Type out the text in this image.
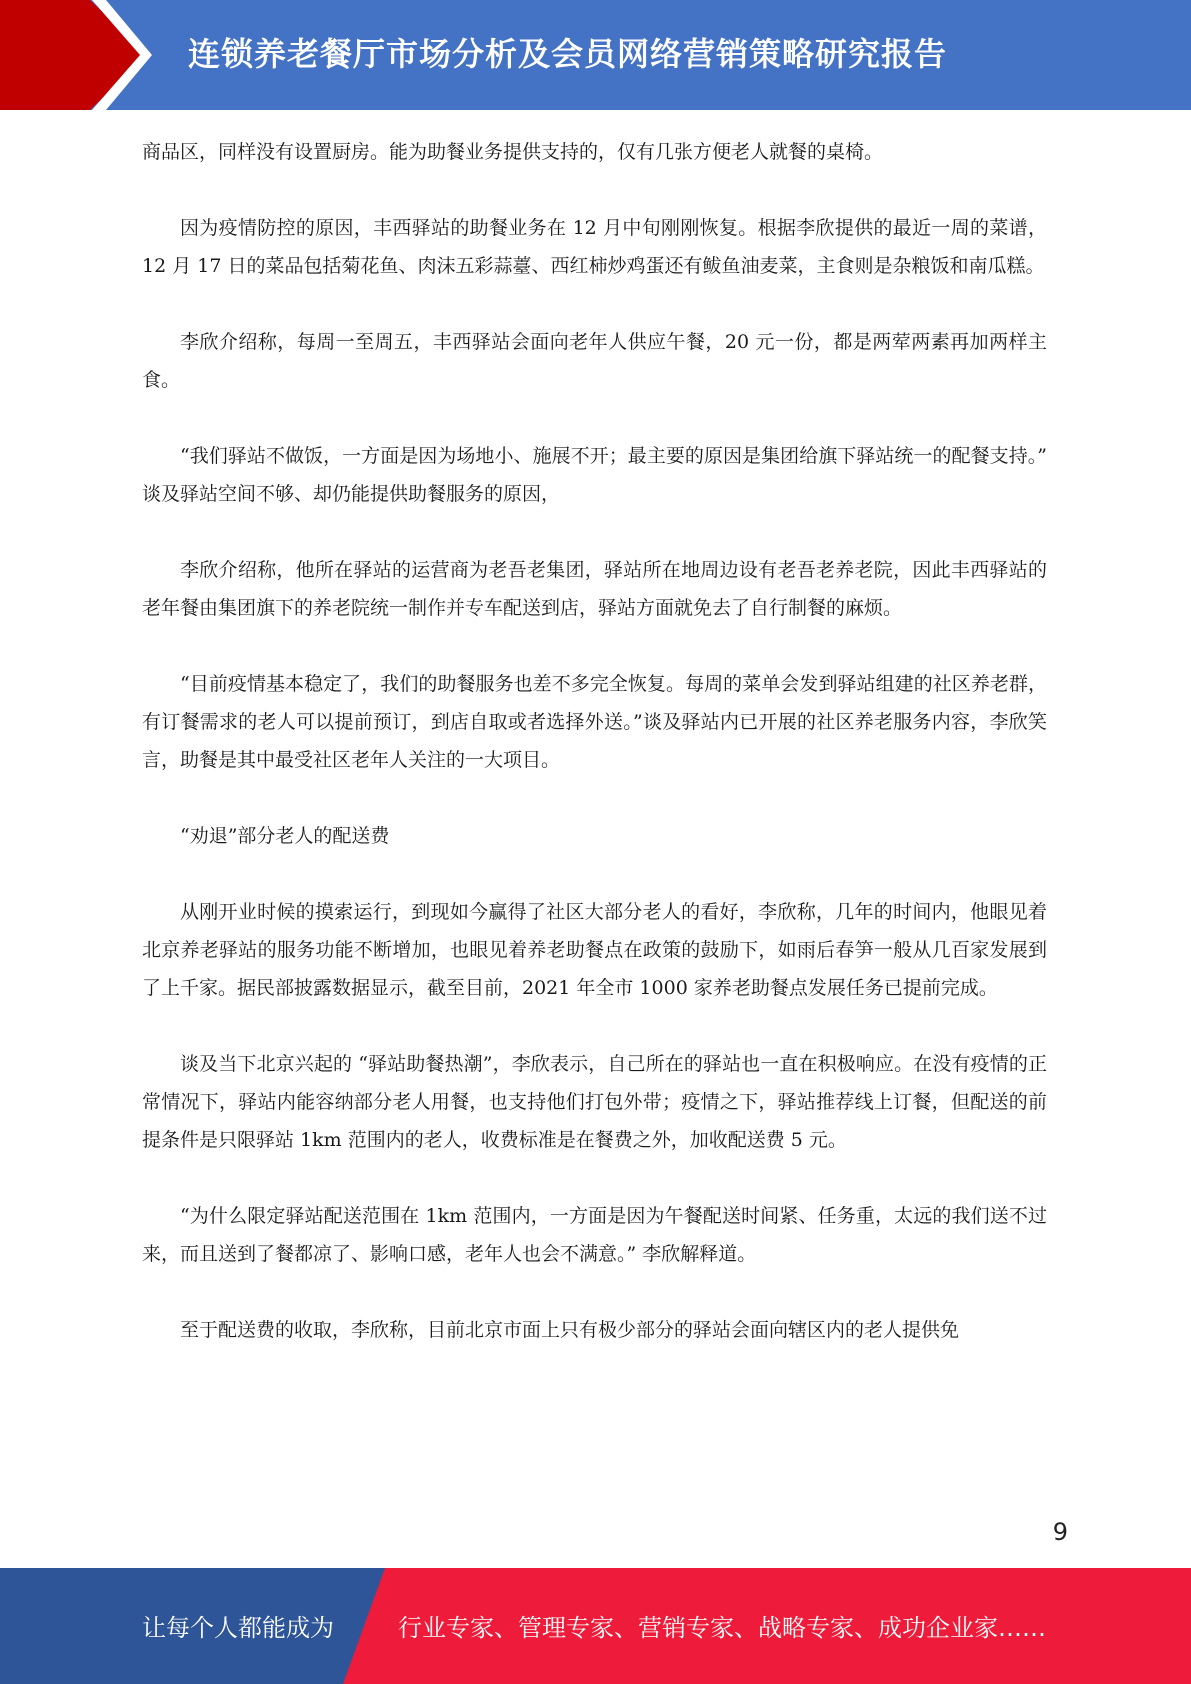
连锁养老餐厅市场分析及会员网络营销策略研究报告

商品区，同样没有设置厨房。能为助餐业务提供支持的，仅有几张方便老人就餐的桌椅。

因为疫情防控的原因，丰西驿站的助餐业务在 12 月中旬刚刚恢复。根据李欣提供的最近一周的菜谱，12 月 17 日的菜品包括菊花鱼、肉沫五彩蒜薹、西红柿炒鸡蛋还有鲅鱼油麦菜，主食则是杂粮饭和南瓜糕。

李欣介绍称，每周一至周五，丰西驿站会面向老年人供应午餐，20 元一份，都是两荤两素再加两样主食。

“我们驿站不做饭，一方面是因为场地小、施展不开；最主要的原因是集团给旗下驿站统一的配餐支持。” 谈及驿站空间不够、却仍能提供助餐服务的原因，

李欣介绍称，他所在驿站的运营商为老吾老集团，驿站所在地周边设有老吾老养老院，因此丰西驿站的老年餐由集团旗下的养老院统一制作并专车配送到店，驿站方面就免去了自行制餐的麻烦。

“目前疫情基本稳定了，我们的助餐服务也差不多完全恢复。每周的菜单会发到驿站组建的社区养老群，有订餐需求的老人可以提前预订，到店自取或者选择外送。”谈及驿站内已开展的社区养老服务内容，李欣笑言，助餐是其中最受社区老年人关注的一大项目。

“劝退”部分老人的配送费

从刚开业时候的摸索运行，到现如今赢得了社区大部分老人的看好，李欣称，几年的时间内，他眼见着北京养老驿站的服务功能不断增加，也眼见着养老助餐点在政策的鼓励下，如雨后春笋一般从几百家发展到了上千家。据民部披露数据显示，截至目前，2021 年全市 1000 家养老助餐点发展任务已提前完成。

谈及当下北京兴起的 “驿站助餐热潮”，李欣表示，自己所在的驿站也一直在积极响应。在没有疫情的正常情况下，驿站内能容纳部分老人用餐，也支持他们打包外带；疫情之下，驿站推荐线上订餐，但配送的前提条件是只限驿站 1km 范围内的老人，收费标准是在餐费之外，加收配送费 5 元。

“为什么限定驿站配送范围在 1km 范围内，一方面是因为午餐配送时间紧、任务重，太远的我们送不过来，而且送到了餐都凉了、影响口感，老年人也会不满意。” 李欣解释道。

至于配送费的收取，李欣称，目前北京市面上只有极少部分的驿站会面向辖区内的老人提供免

9
让每个人都能成为	行业专家、管理专家、营销专家、战略专家、成功企业家……
